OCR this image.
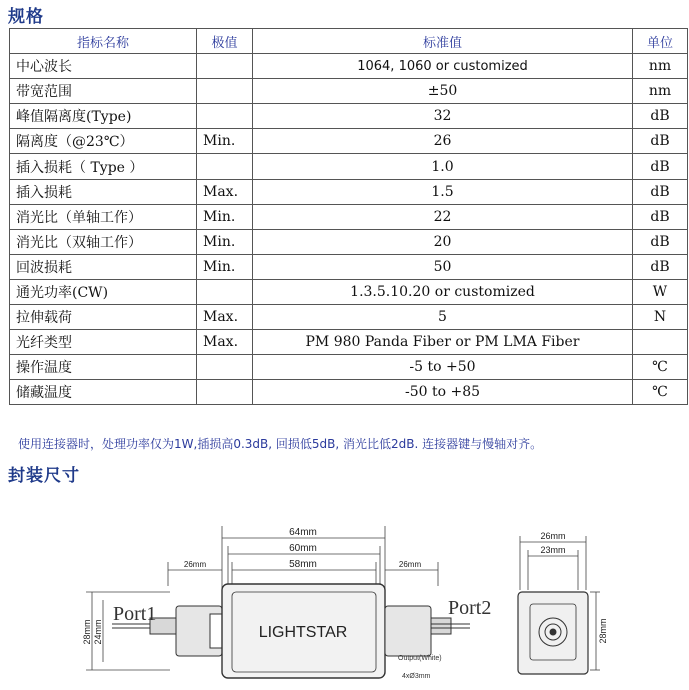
规格
指标名称	极值	标准值	单位
中心波长		1064, 1060 or customized	nm
带宽范围		±50	nm
峰值隔离度(Type)		32	dB
隔离度（@23℃）	Min.	26	dB
插入损耗（ Type ）		1.0	dB
插入损耗	Max.	1.5	dB
消光比（单轴工作）	Min.	22	dB
消光比（双轴工作）	Min.	20	dB
回波损耗	Min.	50	dB
通光功率(CW)		1.3.5.10.20 or customized	W
拉伸载荷	Max.	5	N
光纤类型	Max.	PM 980 Panda Fiber or PM LMA Fiber	
操作温度		-5 to +50	℃
储藏温度		-50 to +85	℃
使用连接器时，处理功率仅为1W,插损高0.3dB, 回损低5dB, 消光比低2dB. 连接器键与慢轴对齐。
封装尺寸
64mm
60mm
58mm
26mm	26mm
28mm 24mm	LIGHTSTAR
Port1	Port2
Output(White)
4xØ3mm
26mm
23mm
28mm
